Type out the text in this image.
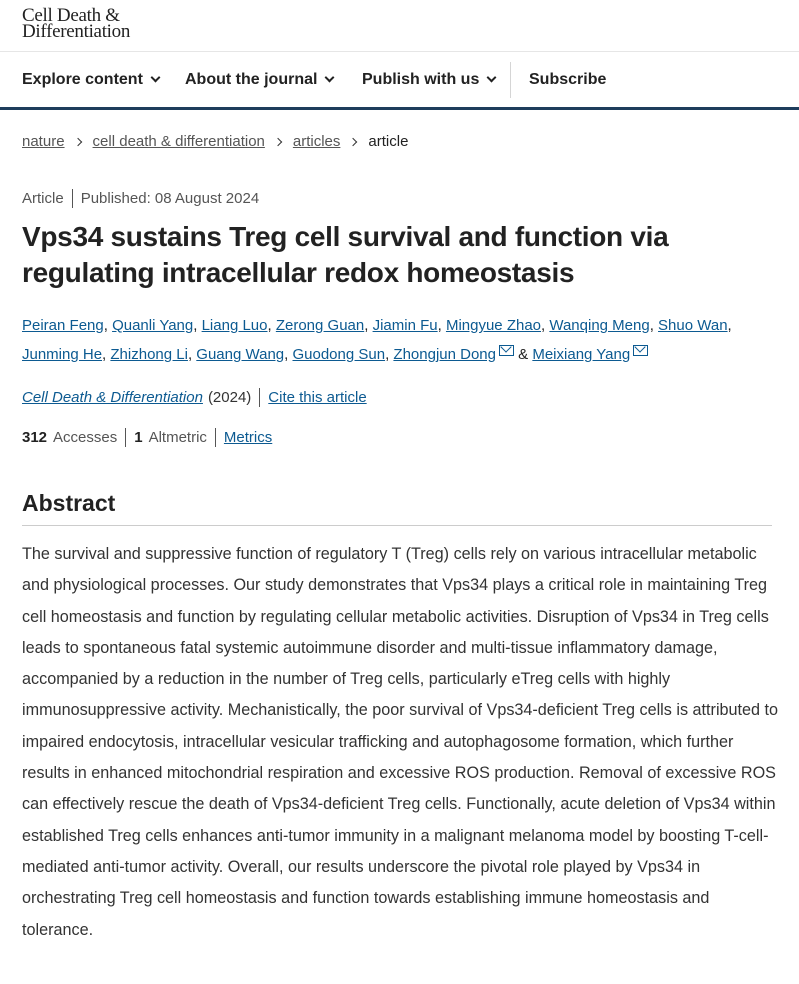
Cell Death &
Differentiation
Explore content	About the journal	Publish with us	Subscribe
nature cell death & differentiation articles article
Article Published: 08 August 2024
Vps34 sustains Treg cell survival and function via regulating intracellular redox homeostasis
Peiran Feng, Quanli Yang, Liang Luo, Zerong Guan, Jiamin Fu, Mingyue Zhao, Wanqing Meng, Shuo Wan,
Junming He, Zhizhong Li, Guang Wang, Guodong Sun, Zhongjun Dong & Meixiang Yang
Cell Death & Differentiation (2024) Cite this article
312 Accesses 1 Altmetric Metrics
Abstract

The survival and suppressive function of regulatory T (Treg) cells rely on various intracellular metabolic and physiological processes. Our study demonstrates that Vps34 plays a critical role in maintaining Treg cell homeostasis and function by regulating cellular metabolic activities. Disruption of Vps34 in Treg cells leads to spontaneous fatal systemic autoimmune disorder and multi-tissue inflammatory damage, accompanied by a reduction in the number of Treg cells, particularly eTreg cells with highly immunosuppressive activity. Mechanistically, the poor survival of Vps34-deficient Treg cells is attributed to impaired endocytosis, intracellular vesicular trafficking and autophagosome formation, which further results in enhanced mitochondrial respiration and excessive ROS production. Removal of excessive ROS can effectively rescue the death of Vps34-deficient Treg cells. Functionally, acute deletion of Vps34 within established Treg cells enhances anti-tumor immunity in a malignant melanoma model by boosting T-cell-mediated anti-tumor activity. Overall, our results underscore the pivotal role played by Vps34 in orchestrating Treg cell homeostasis and function towards establishing immune homeostasis and tolerance.
